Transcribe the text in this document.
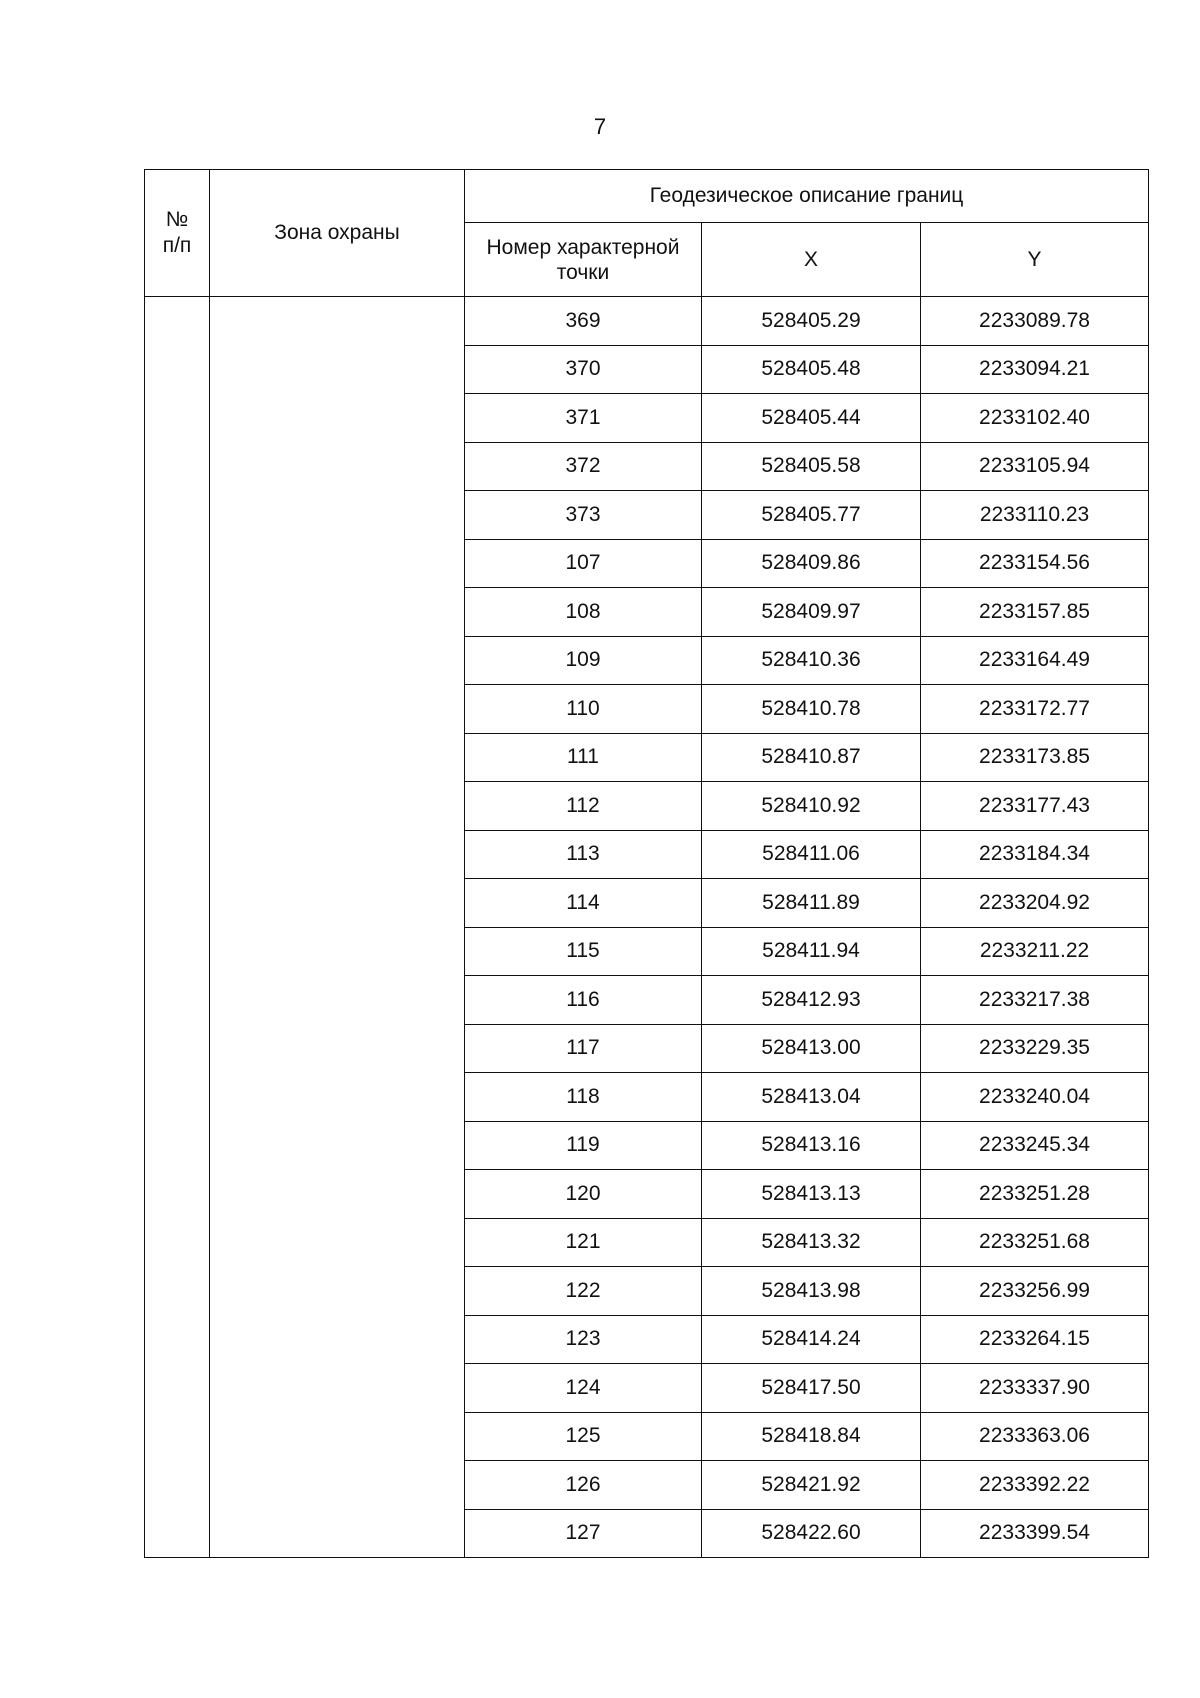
7
№
п/п	Зона охраны	Геодезическое описание границ		
		Номер характерной
точки	X	Y
		369	528405.29	2233089.78
		370	528405.48	2233094.21
		371	528405.44	2233102.40
		372	528405.58	2233105.94
		373	528405.77	2233110.23
		107	528409.86	2233154.56
		108	528409.97	2233157.85
		109	528410.36	2233164.49
		110	528410.78	2233172.77
		111	528410.87	2233173.85
		112	528410.92	2233177.43
		113	528411.06	2233184.34
		114	528411.89	2233204.92
		115	528411.94	2233211.22
		116	528412.93	2233217.38
		117	528413.00	2233229.35
		118	528413.04	2233240.04
		119	528413.16	2233245.34
		120	528413.13	2233251.28
		121	528413.32	2233251.68
		122	528413.98	2233256.99
		123	528414.24	2233264.15
		124	528417.50	2233337.90
		125	528418.84	2233363.06
		126	528421.92	2233392.22
		127	528422.60	2233399.54
